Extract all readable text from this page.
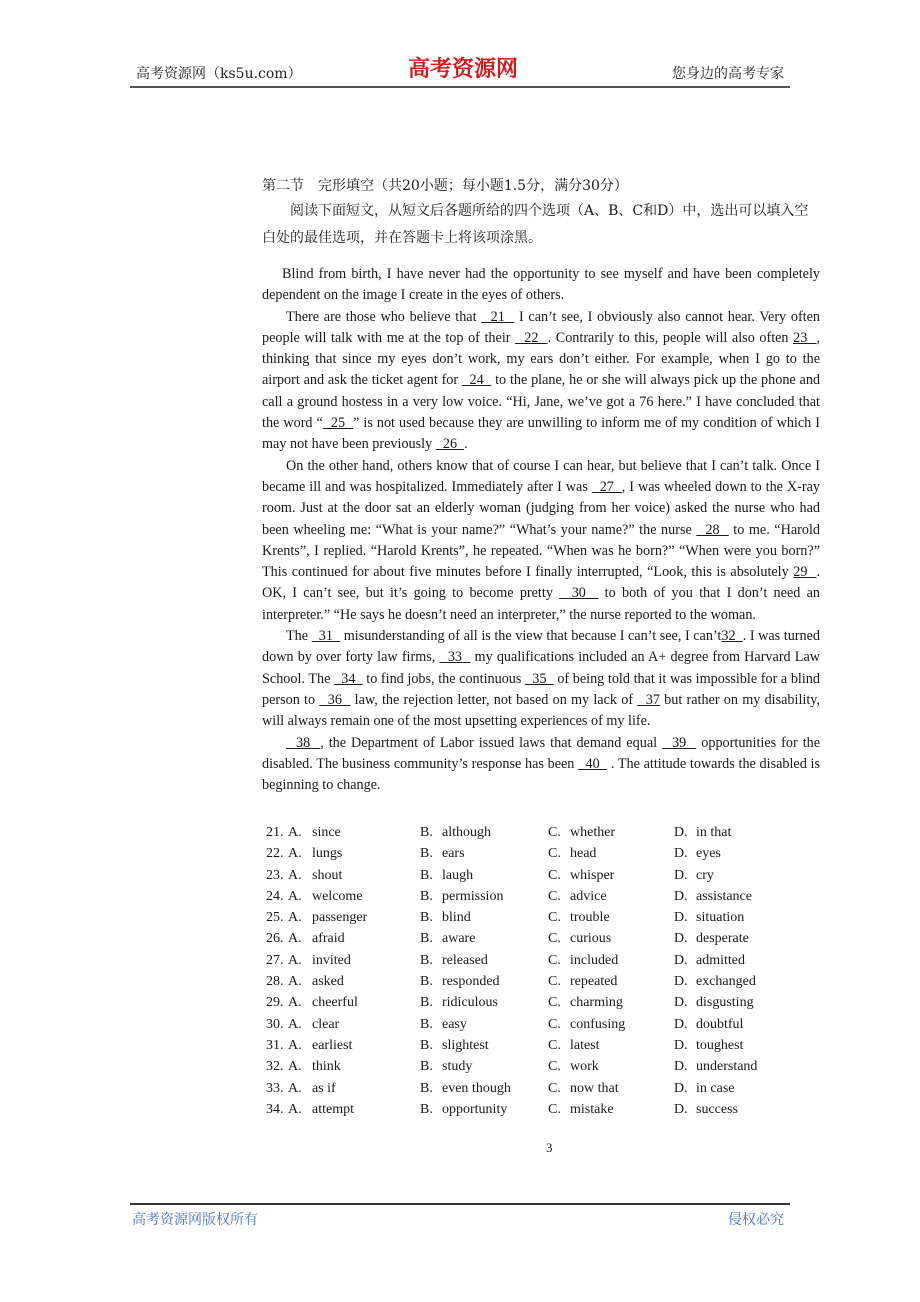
高考资源网（ks5u.com）	高考资源网	您身边的高考专家
第二节　完形填空（共20小题；每小题1.5分，满分30分）
阅读下面短文，从短文后各题所给的四个选项（A、B、C和D）中，选出可以填入空白处的最佳选项，并在答题卡上将该项涂黑。

Blind from birth, I have never had the opportunity to see myself and have been completely dependent on the image I create in the eyes of others.

There are those who believe that   21   I can’t see, I obviously also cannot hear. Very often people will talk with me at the top of their   22  . Contrarily to this, people will also often 23  , thinking that since my eyes don’t work, my ears don’t either. For example, when I go to the airport and ask the ticket agent for   24   to the plane, he or she will always pick up the phone and call a ground hostess in a very low voice. “Hi, Jane, we’ve got a 76 here.” I have concluded that the word “  25  ” is not used because they are unwilling to inform me of my condition of which I may not have been previously   26  .

On the other hand, others know that of course I can hear, but believe that I can’t talk. Once I became ill and was hospitalized. Immediately after I was   27  , I was wheeled down to the X-ray room. Just at the door sat an elderly woman (judging from her voice) asked the nurse who had been wheeling me: “What is your name?” “What’s your name?” the nurse   28   to me. “Harold Krents”, I replied. “Harold Krents”, he repeated. “When was he born?” “When were you born?” This continued for about five minutes before I finally interrupted, “Look, this is absolutely 29  . OK, I can’t see, but it’s going to become pretty   30   to both of you that I don’t need an interpreter.” “He says he doesn’t need an interpreter,” the nurse reported to the woman.

The   31   misunderstanding of all is the view that because I can’t see, I can’t32  . I was turned down by over forty law firms,   33   my qualifications included an A+ degree from Harvard Law School. The   34   to find jobs, the continuous   35   of being told that it was impossible for a blind person to   36   law, the rejection letter, not based on my lack of   37 but rather on my disability, will always remain one of the most upsetting experiences of my life.

38  , the Department of Labor issued laws that demand equal   39   opportunities for the disabled. The business community’s response has been   40   . The attitude towards the disabled is beginning to change.

21. A. since	B. although	C. whether	D. in that
22. A. lungs	B. ears	C. head	D. eyes
23. A. shout	B. laugh	C. whisper	D. cry
24. A. welcome	B. permission	C. advice	D. assistance
25. A. passenger	B. blind	C. trouble	D. situation
26. A. afraid	B. aware	C. curious	D. desperate
27. A. invited	B. released	C. included	D. admitted
28. A. asked	B. responded	C. repeated	D. exchanged
29. A. cheerful	B. ridiculous	C. charming	D. disgusting
30. A. clear	B. easy	C. confusing	D. doubtful
31. A. earliest	B. slightest	C. latest	D. toughest
32. A. think	B. study	C. work	D. understand
33. A. as if	B. even though	C. now that	D. in case
34. A. attempt	B. opportunity	C. mistake	D. success
3
高考资源网版权所有	侵权必究
